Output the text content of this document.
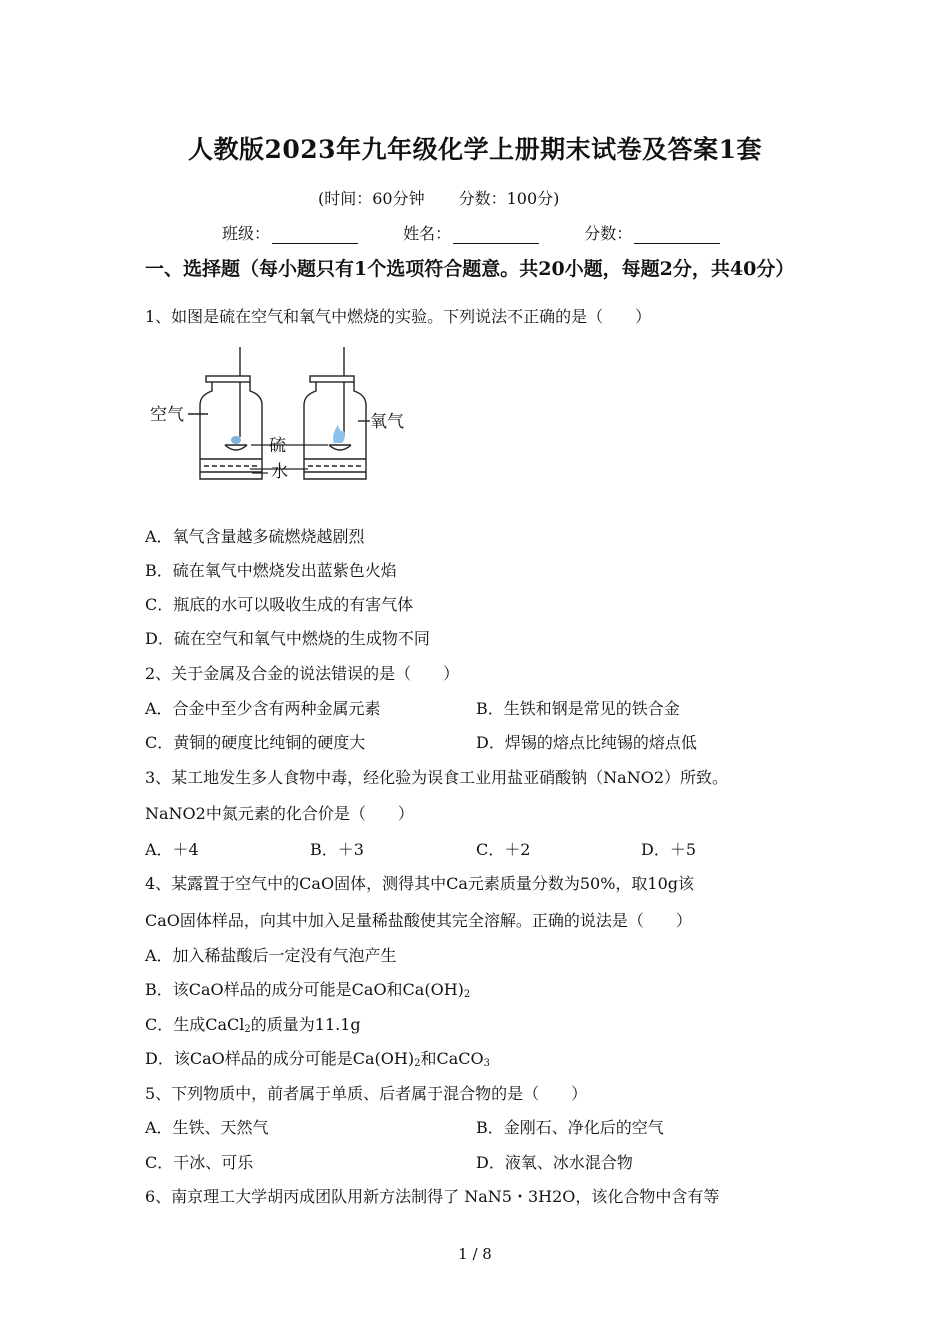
人教版2023年九年级化学上册期末试卷及答案1套
(时间：60分钟 分数：100分)
班级：	姓名：	分数：
一、选择题（每小题只有1个选项符合题意。共20小题，每题2分，共40分）
1、如图是硫在空气和氧气中燃烧的实验。下列说法不正确的是（　　）
空气
硫
水
氧气
A．氧气含量越多硫燃烧越剧烈
B．硫在氧气中燃烧发出蓝紫色火焰
C．瓶底的水可以吸收生成的有害气体
D．硫在空气和氧气中燃烧的生成物不同
2、关于金属及合金的说法错误的是（　　）
A．合金中至少含有两种金属元素	B．生铁和钢是常见的铁合金
C．黄铜的硬度比纯铜的硬度大	D．焊锡的熔点比纯锡的熔点低
3、某工地发生多人食物中毒，经化验为误食工业用盐亚硝酸钠（NaNO2）所致。
NaNO2中氮元素的化合价是（　　）
A．＋4	B．＋3	C．＋2	D．＋5
4、某露置于空气中的CaO固体，测得其中Ca元素质量分数为50%，取10g该
CaO固体样品，向其中加入足量稀盐酸使其完全溶解。正确的说法是（　　）
A．加入稀盐酸后一定没有气泡产生
B．该CaO样品的成分可能是CaO和$Ca(OH)_2$
C．生成CaCl$_2$的质量为11.1g
D．该CaO样品的成分可能是$Ca(OH)_2$和CaCO$_3$
5、下列物质中，前者属于单质、后者属于混合物的是（　　）
A．生铁、天然气	B．金刚石、净化后的空气
C．干冰、可乐	D．液氧、冰水混合物
6、南京理工大学胡丙成团队用新方法制得了 NaN5・3H2O，该化合物中含有等
1 / 8
